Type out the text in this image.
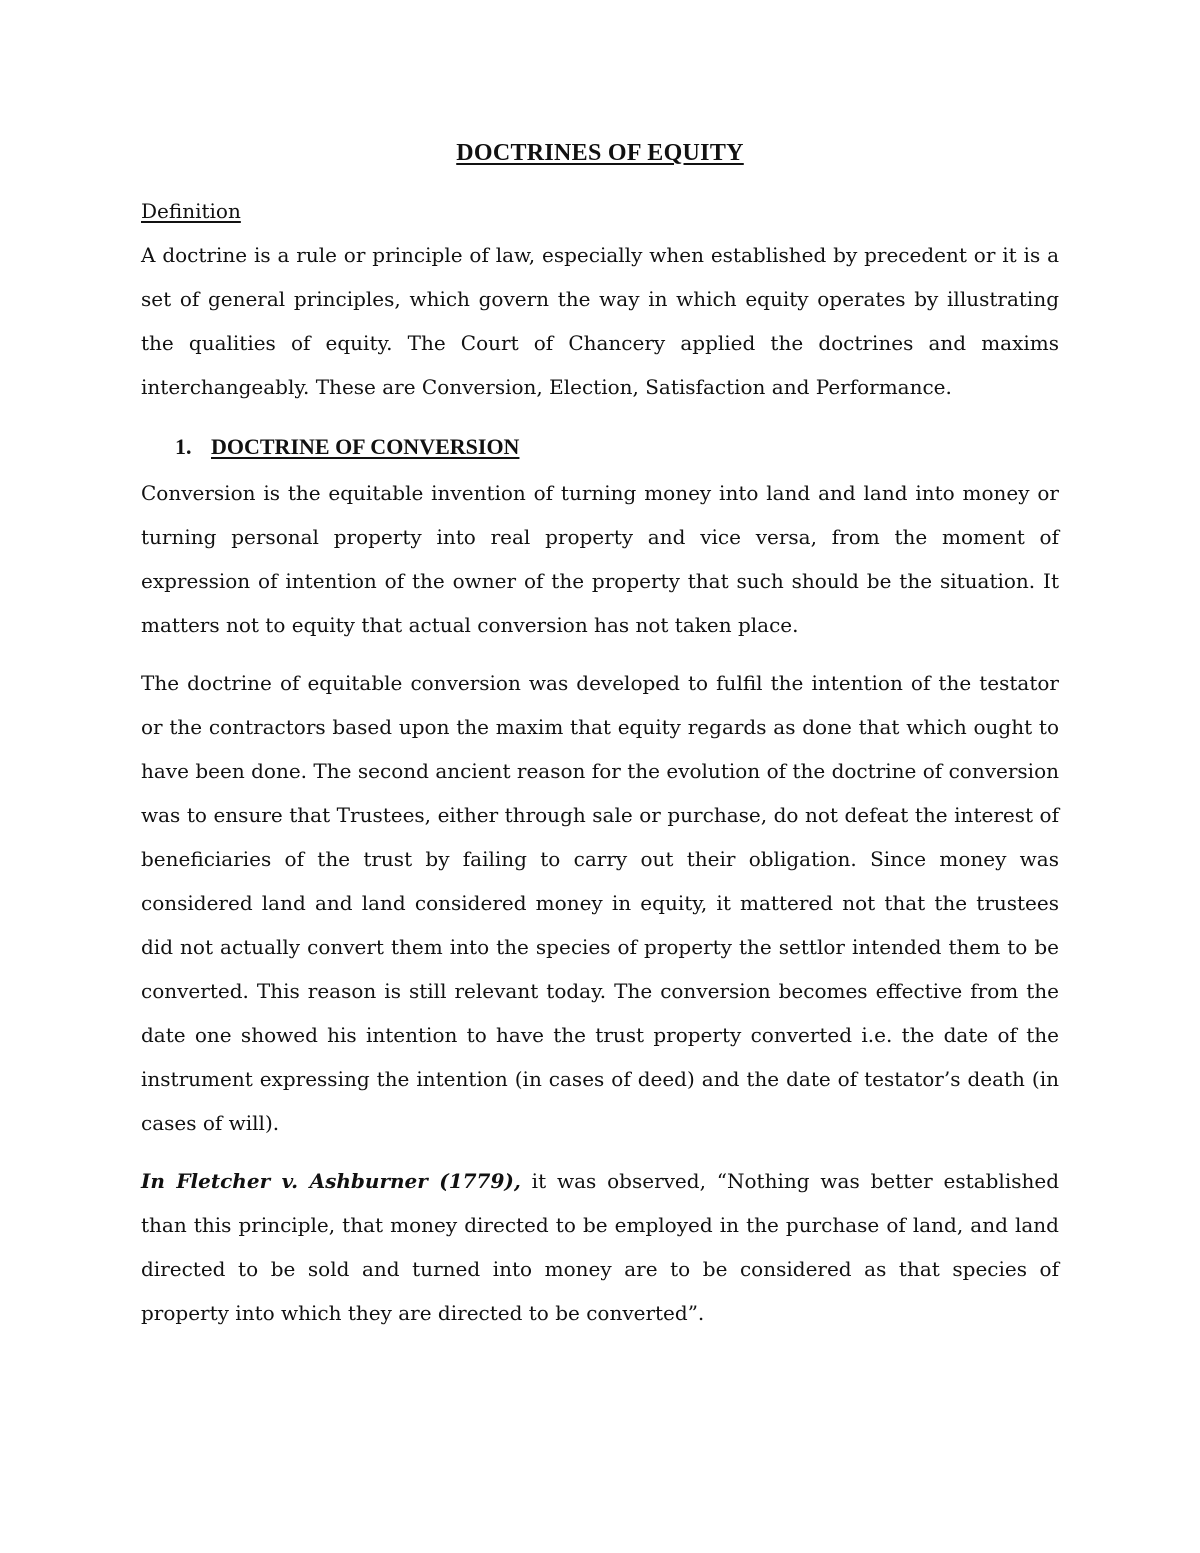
DOCTRINES OF EQUITY
Definition

A doctrine is a rule or principle of law, especially when established by precedent or it is a set of general principles, which govern the way in which equity operates by illustrating the qualities of equity. The Court of Chancery applied the doctrines and maxims interchangeably. These are Conversion, Election, Satisfaction and Performance.

1. DOCTRINE OF CONVERSION

Conversion is the equitable invention of turning money into land and land into money or turning personal property into real property and vice versa, from the moment of expression of intention of the owner of the property that such should be the situation. It matters not to equity that actual conversion has not taken place.

The doctrine of equitable conversion was developed to fulfil the intention of the testator or the contractors based upon the maxim that equity regards as done that which ought to have been done. The second ancient reason for the evolution of the doctrine of conversion was to ensure that Trustees, either through sale or purchase, do not defeat the interest of beneficiaries of the trust by failing to carry out their obligation. Since money was considered land and land considered money in equity, it mattered not that the trustees did not actually convert them into the species of property the settlor intended them to be converted. This reason is still relevant today. The conversion becomes effective from the date one showed his intention to have the trust property converted i.e. the date of the instrument expressing the intention (in cases of deed) and the date of testator’s death (in cases of will).

In Fletcher v. Ashburner (1779), it was observed, “Nothing was better established than this principle, that money directed to be employed in the purchase of land, and land directed to be sold and turned into money are to be considered as that species of property into which they are directed to be converted”.
